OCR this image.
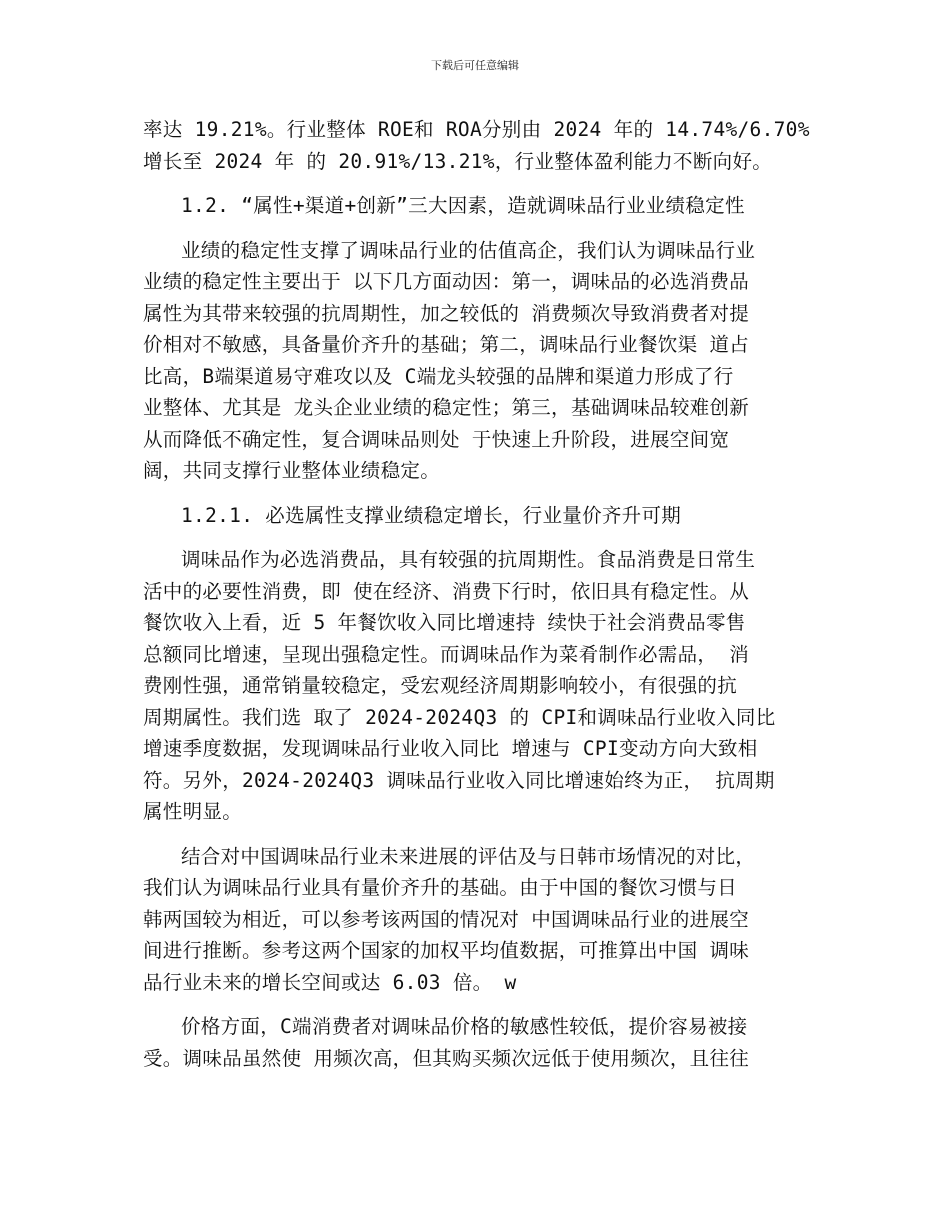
下载后可任意编辑
率达 19.21%。行业整体 ROE和 ROA分别由 2024 年的 14.74%/6.70%
增长至 2024 年 的 20.91%/13.21%，行业整体盈利能力不断向好。
1.2. “属性+渠道+创新”三大因素，造就调味品行业业绩稳定性
业绩的稳定性支撑了调味品行业的估值高企，我们认为调味品行业
业绩的稳定性主要出于 以下几方面动因：第一，调味品的必选消费品
属性为其带来较强的抗周期性，加之较低的 消费频次导致消费者对提
价相对不敏感，具备量价齐升的基础；第二，调味品行业餐饮渠 道占
比高，B端渠道易守难攻以及 C端龙头较强的品牌和渠道力形成了行
业整体、尤其是 龙头企业业绩的稳定性；第三，基础调味品较难创新
从而降低不确定性，复合调味品则处 于快速上升阶段，进展空间宽
阔，共同支撑行业整体业绩稳定。
1.2.1. 必选属性支撑业绩稳定增长，行业量价齐升可期
调味品作为必选消费品，具有较强的抗周期性。食品消费是日常生
活中的必要性消费，即 使在经济、消费下行时，依旧具有稳定性。从
餐饮收入上看，近 5 年餐饮收入同比增速持 续快于社会消费品零售
总额同比增速，呈现出强稳定性。而调味品作为菜肴制作必需品， 消
费刚性强，通常销量较稳定，受宏观经济周期影响较小，有很强的抗
周期属性。我们选 取了 2024-2024Q3 的 CPI和调味品行业收入同比
增速季度数据，发现调味品行业收入同比 增速与 CPI变动方向大致相
符。另外，2024-2024Q3 调味品行业收入同比增速始终为正， 抗周期
属性明显。
结合对中国调味品行业未来进展的评估及与日韩市场情况的对比，
我们认为调味品行业具有量价齐升的基础。由于中国的餐饮习惯与日
韩两国较为相近，可以参考该两国的情况对 中国调味品行业的进展空
间进行推断。参考这两个国家的加权平均值数据，可推算出中国 调味
品行业未来的增长空间或达 6.03 倍。 w
价格方面，C端消费者对调味品价格的敏感性较低，提价容易被接
受。调味品虽然使 用频次高，但其购买频次远低于使用频次，且往往
